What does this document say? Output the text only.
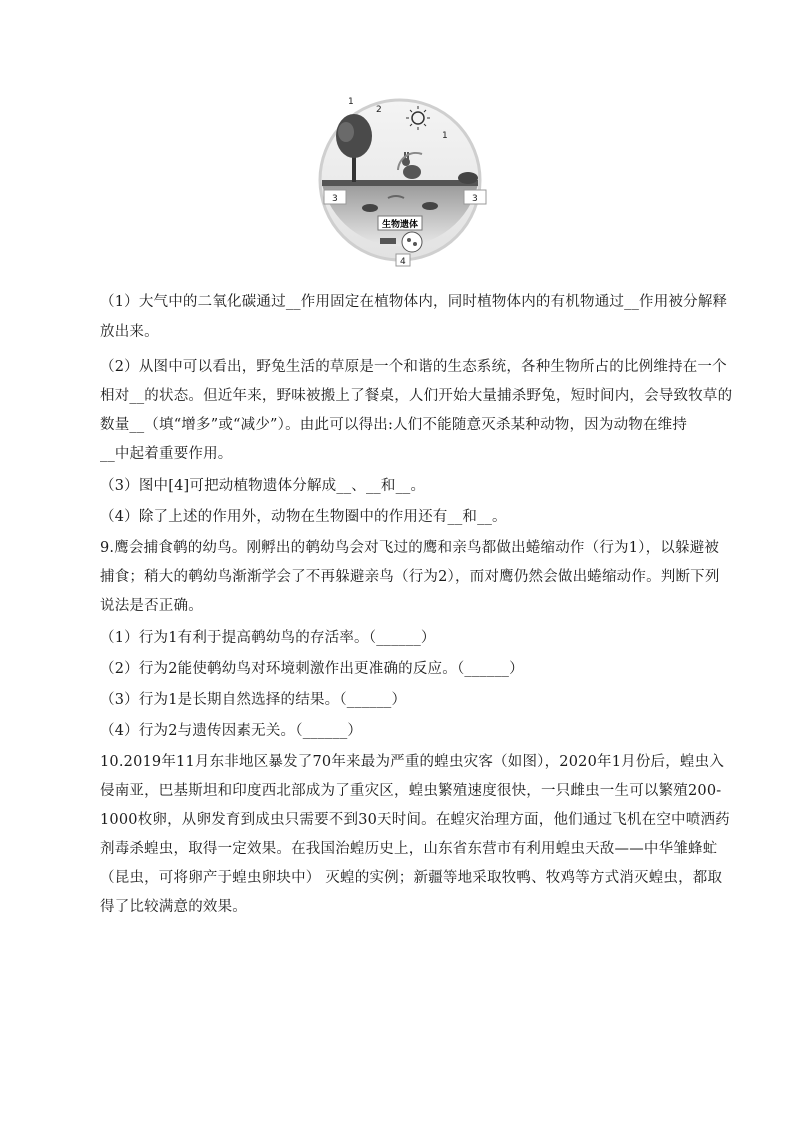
1
2
1
3	3
4
生物遗体
（1）大气中的二氧化碳通过__作用固定在植物体内，同时植物体内的有机物通过__作用被分解释
放出来。
（2）从图中可以看出，野兔生活的草原是一个和谐的生态系统，各种生物所占的比例维持在一个
相对__的状态。但近年来，野味被搬上了餐桌，人们开始大量捕杀野兔，短时间内，会导致牧草的
数量__（填“增多”或“减少”）。由此可以得出:人们不能随意灭杀某种动物，因为动物在维持
__中起着重要作用。
（3）图中[4]可把动植物遗体分解成__、__和__。
（4）除了上述的作用外，动物在生物圈中的作用还有__和__。
9.鹰会捕食鹌的幼鸟。刚孵出的鹌幼鸟会对飞过的鹰和亲鸟都做出蜷缩动作（行为1），以躲避被
捕食；稍大的鹌幼鸟渐渐学会了不再躲避亲鸟（行为2），而对鹰仍然会做出蜷缩动作。判断下列
说法是否正确。
（1）行为1有利于提高鹌幼鸟的存活率。（______）
（2）行为2能使鹌幼鸟对环境刺激作出更准确的反应。（______）
（3）行为1是长期自然选择的结果。（______）
（4）行为2与遗传因素无关。（______）
10.2019年11月东非地区暴发了70年来最为严重的蝗虫灾客（如图），2020年1月份后，蝗虫入
侵南亚，巴基斯坦和印度西北部成为了重灾区，蝗虫繁殖速度很快，一只雌虫一生可以繁殖200-
1000枚卵，从卵发育到成虫只需要不到30天时间。在蝗灾治理方面，他们通过飞机在空中喷洒药
剂毒杀蝗虫，取得一定效果。在我国治蝗历史上，山东省东营市有利用蝗虫天敌——中华雏蜂虻
（昆虫，可将卵产于蝗虫卵块中） 灭蝗的实例；新疆等地采取牧鸭、牧鸡等方式消灭蝗虫，都取
得了比较满意的效果。
